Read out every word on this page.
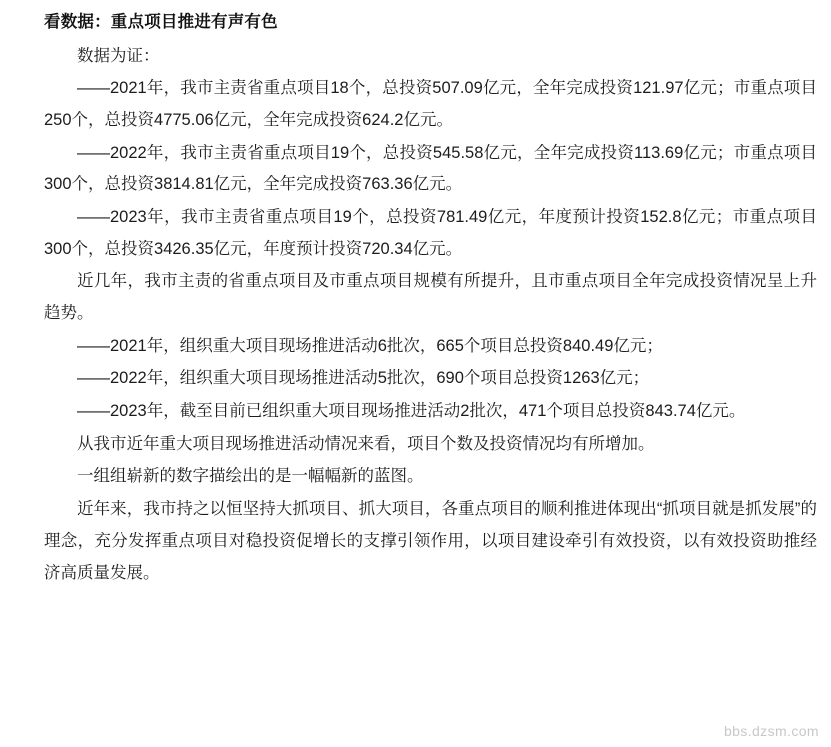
看数据：重点项目推进有声有色

数据为证：

——2021年，我市主责省重点项目18个，总投资507.09亿元，全年完成投资121.97亿元；市重点项目250个，总投资4775.06亿元，全年完成投资624.2亿元。

——2022年，我市主责省重点项目19个，总投资545.58亿元，全年完成投资113.69亿元；市重点项目300个，总投资3814.81亿元，全年完成投资763.36亿元。

——2023年，我市主责省重点项目19个，总投资781.49亿元，年度预计投资152.8亿元；市重点项目300个，总投资3426.35亿元，年度预计投资720.34亿元。

近几年，我市主责的省重点项目及市重点项目规模有所提升，且市重点项目全年完成投资情况呈上升趋势。

——2021年，组织重大项目现场推进活动6批次，665个项目总投资840.49亿元；

——2022年，组织重大项目现场推进活动5批次，690个项目总投资1263亿元；

——2023年，截至目前已组织重大项目现场推进活动2批次，471个项目总投资843.74亿元。

从我市近年重大项目现场推进活动情况来看，项目个数及投资情况均有所增加。

一组组崭新的数字描绘出的是一幅幅新的蓝图。

近年来，我市持之以恒坚持大抓项目、抓大项目，各重点项目的顺利推进体现出“抓项目就是抓发展”的理念，充分发挥重点项目对稳投资促增长的支撑引领作用，以项目建设牵引有效投资，以有效投资助推经济高质量发展。

bbs.dzsm.com
